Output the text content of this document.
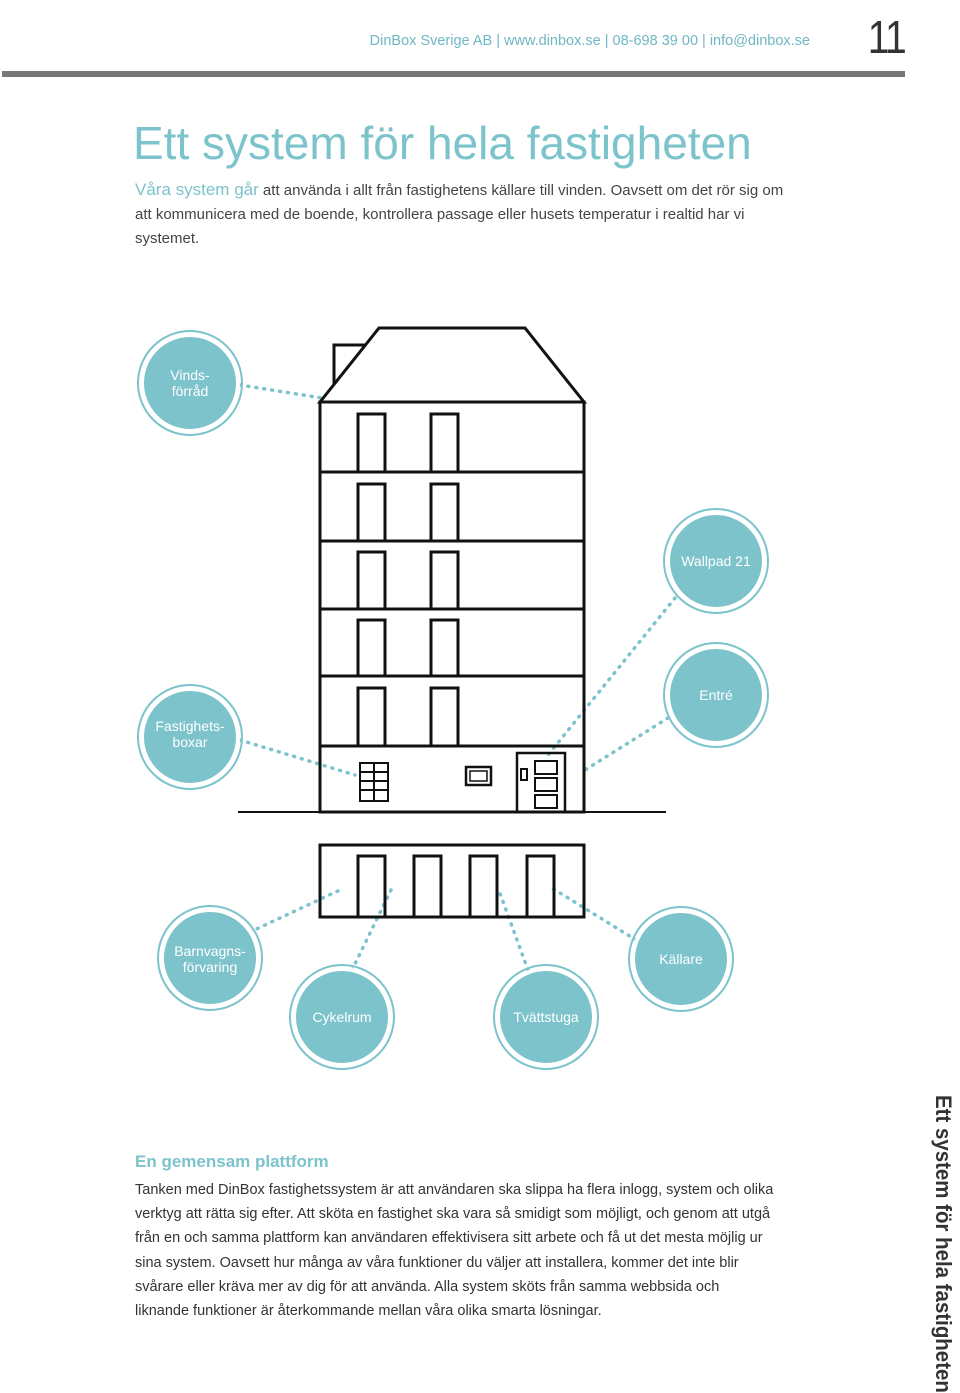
DinBox Sverige AB | www.dinbox.se | 08-698 39 00 | info@dinbox.se 11
Ett system för hela fastigheten

Våra system går att använda i allt från fastighetens källare till vinden. Oavsett om det rör sig om att kommunicera med de boende, kontrollera passage eller husets temperatur i realtid har vi systemet.

Vinds-
förråd
Wallpad 21
Entré
Fastighets-
boxar
Barnvagns-
förvaring	Källare
Cykelrum	Tvättstuga
En gemensam plattform

Tanken med DinBox fastighetssystem är att användaren ska slippa ha flera inlogg, system och olika verktyg att rätta sig efter. Att sköta en fastighet ska vara så smidigt som möjligt, och genom att utgå från en och samma plattform kan användaren effektivisera sitt arbete och få ut det mesta möjlig ur sina system. Oavsett hur många av våra funktioner du väljer att installera, kommer det inte blir svårare eller kräva mer av dig för att använda. Alla system sköts från samma webbsida och liknande funktioner är återkommande mellan våra olika smarta lösningar.	Ett system för hela fastigheten
